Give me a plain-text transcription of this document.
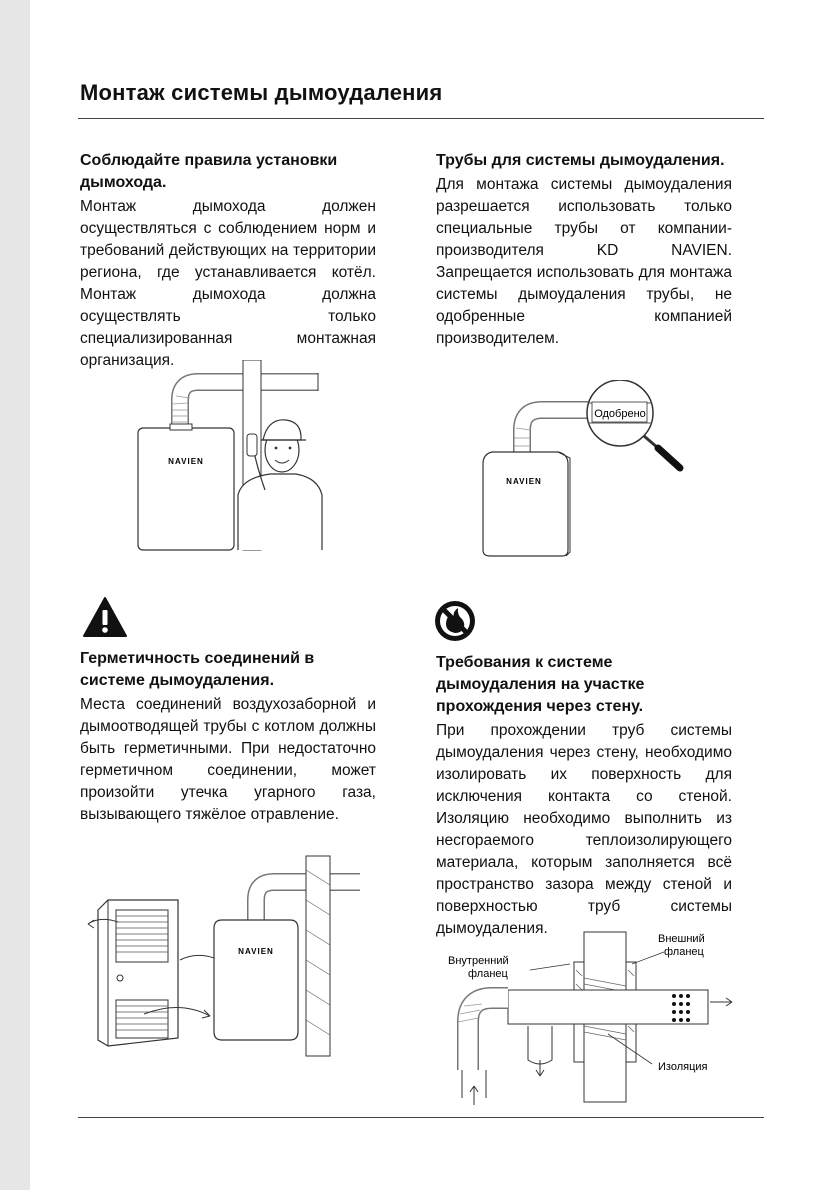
Монтаж системы дымоудаления
Соблюдайте правила установки дымохода.

Монтаж дымохода должен осуществляться с соблюдением норм и требований действующих на территории региона, где устанавливается котёл. Монтаж дымохода должна осуществлять только специализированная монтажная организация.

Трубы для системы дымоудаления.

Для монтажа системы дымоудаления разрешается использовать только специальные трубы от компании-производителя KD NAVIEN. Запрещается использовать для монтажа системы дымоудаления трубы, не одобренные компанией производителем.

NAVIEN
NAVIEN
Одобрено
Герметичность соединений в системе дымоудаления.

Места соединений воздухозаборной и дымоотводящей трубы с котлом должны быть герметичными. При недостаточно герметичном соединении, может произойти утечка угарного газа, вызывающего тяжёлое отравление.

Требования к системе дымоудаления на участке прохождения через стену.

При прохождении труб системы дымоудаления через стену, необходимо изолировать их поверхность для исключения контакта со стеной. Изоляцию необходимо выполнить из несгораемого теплоизолирующего материала, которым заполняется всё пространство зазора между стеной и поверхностью труб системы дымоудаления.

NAVIEN
Внутренний
фланец
Внешний
фланец
Изоляция
